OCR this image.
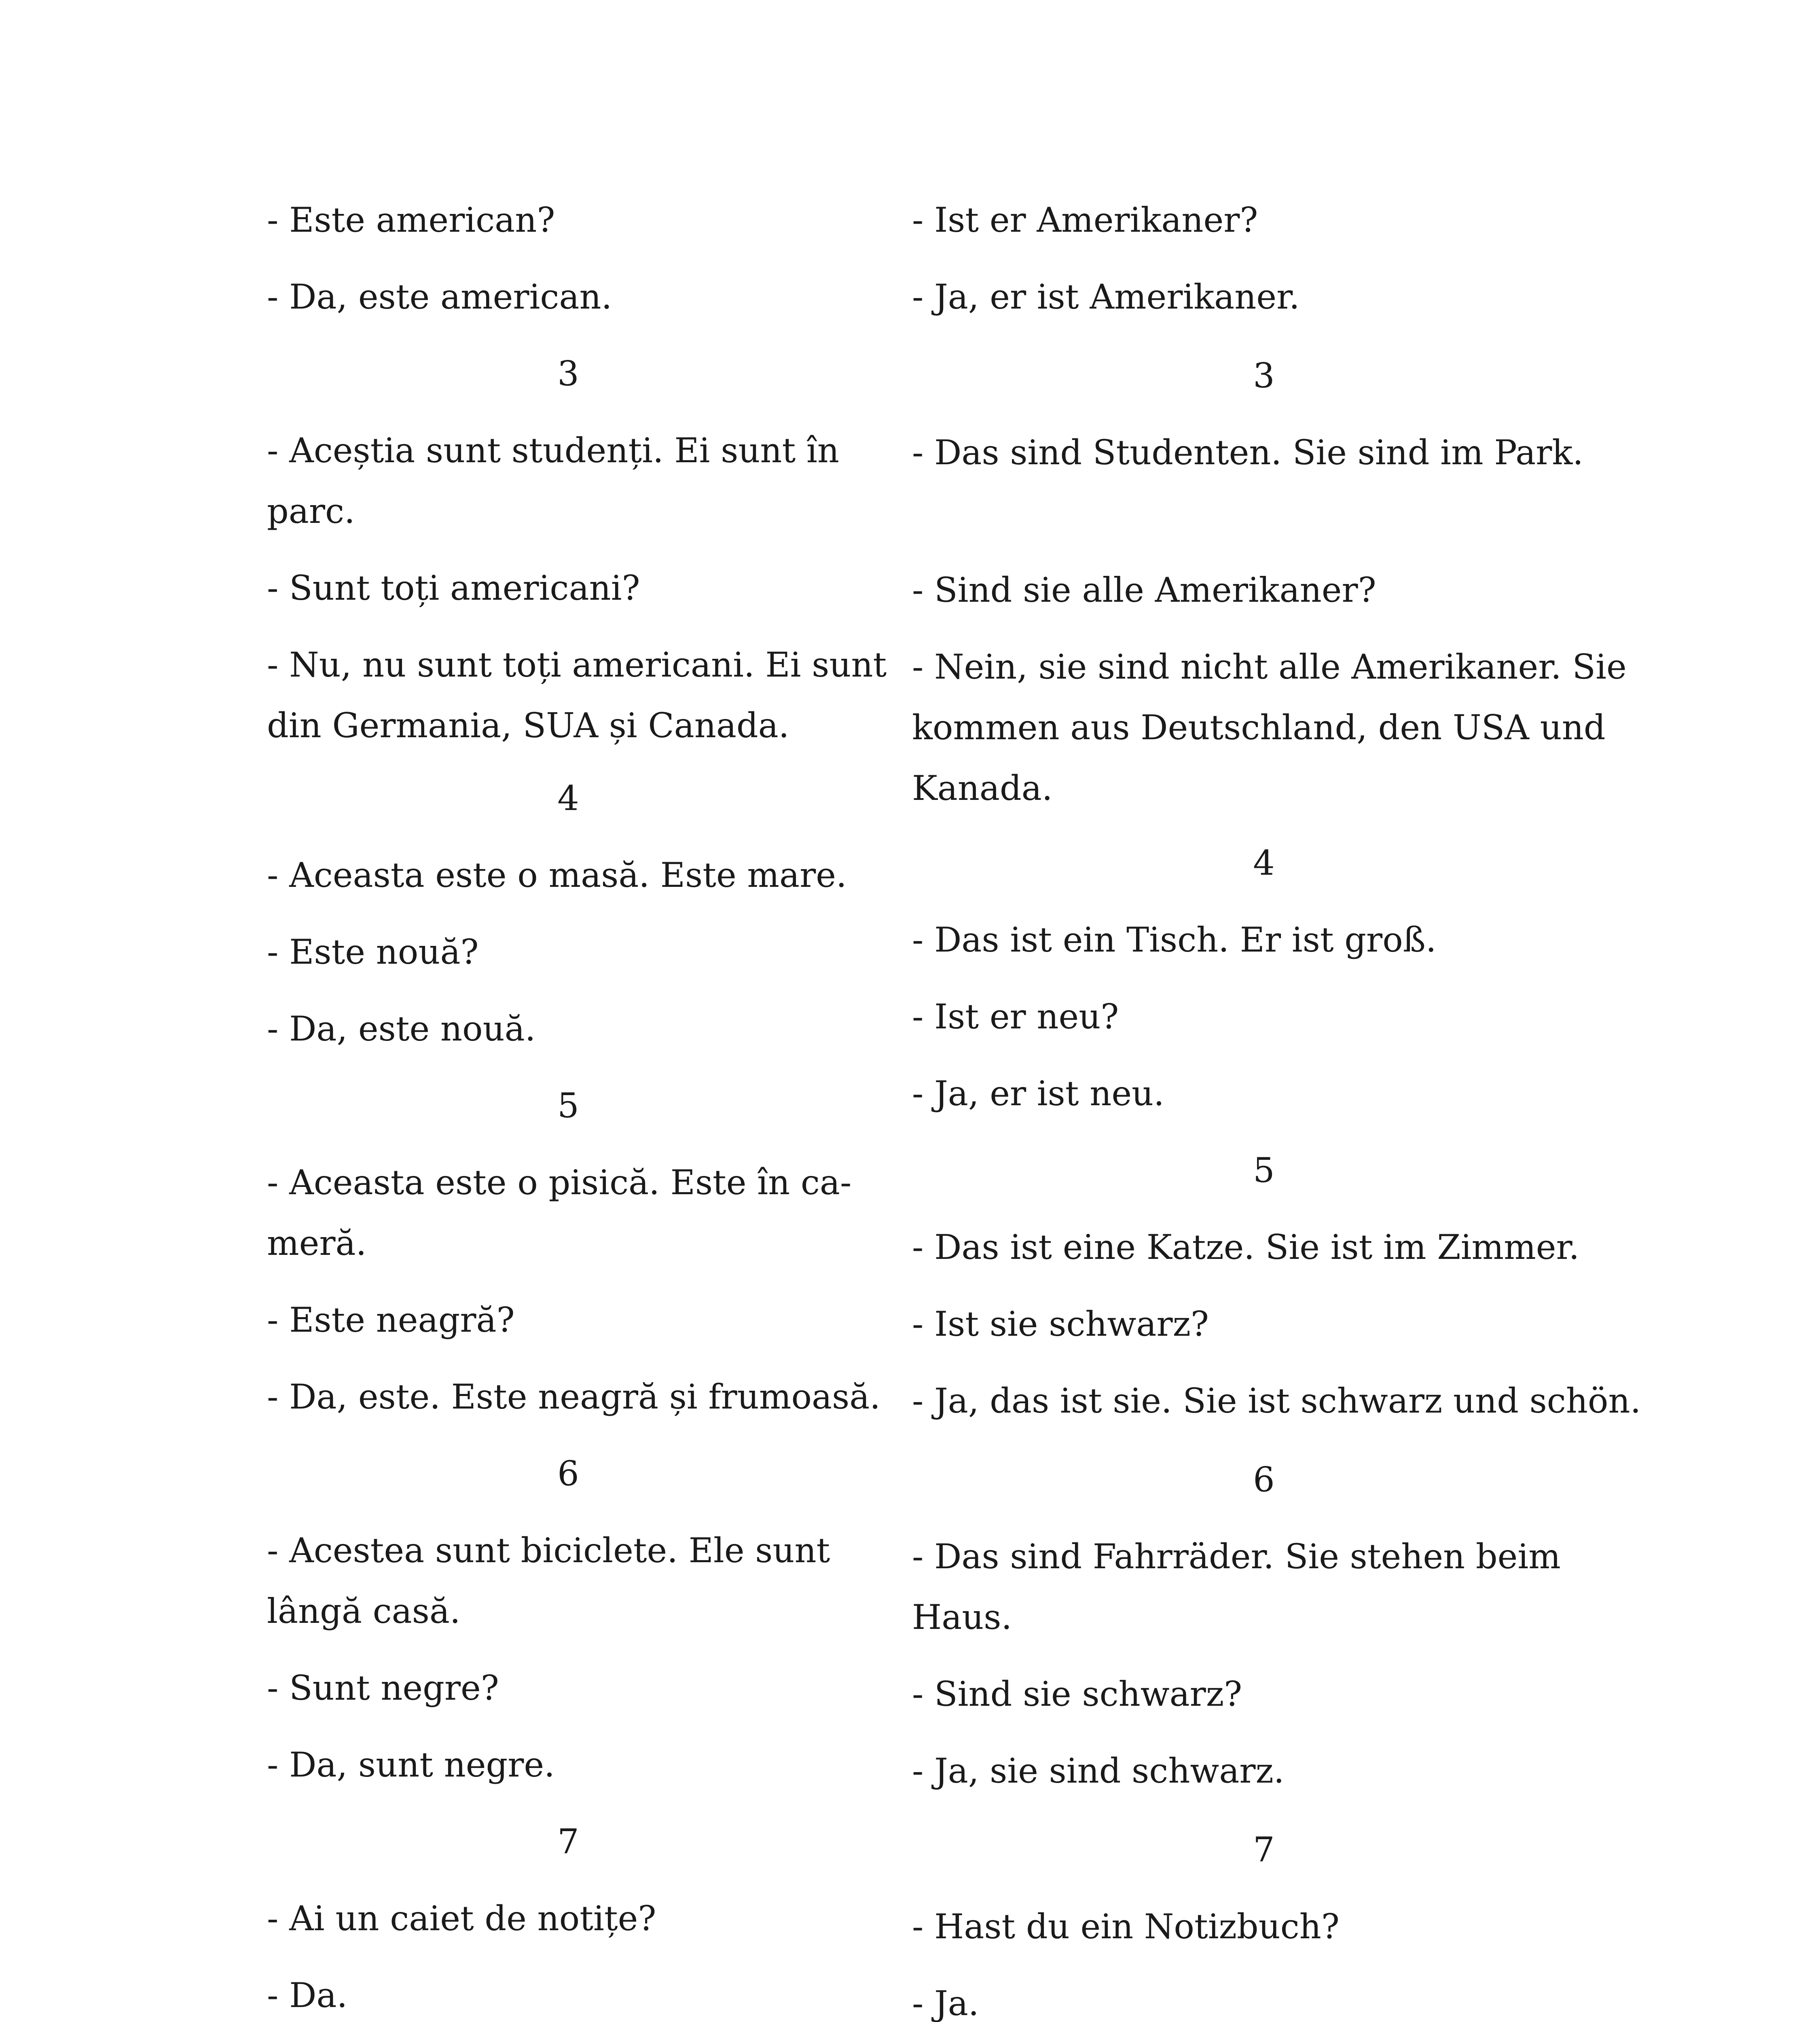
- Este american?
- Da, este american.
3
- Aceștia sunt studenți. Ei sunt în
parc.
- Sunt toți americani?
- Nu, nu sunt toți americani. Ei sunt
din Germania, SUA și Canada.
4
- Aceasta este o masă. Este mare.
- Este nouă?
- Da, este nouă.
5
- Aceasta este o pisică. Este în ca-
meră.
- Este neagră?
- Da, este. Este neagră și frumoasă.
6
- Acestea sunt biciclete. Ele sunt
lângă casă.
- Sunt negre?
- Da, sunt negre.
7
- Ai un caiet de notițe?
- Da.
- Ist er Amerikaner?
- Ja, er ist Amerikaner.
3
- Das sind Studenten. Sie sind im Park.
- Sind sie alle Amerikaner?
- Nein, sie sind nicht alle Amerikaner. Sie
kommen aus Deutschland, den USA und
Kanada.
4
- Das ist ein Tisch. Er ist groß.
- Ist er neu?
- Ja, er ist neu.
5
- Das ist eine Katze. Sie ist im Zimmer.
- Ist sie schwarz?
- Ja, das ist sie. Sie ist schwarz und schön.
6
- Das sind Fahrräder. Sie stehen beim
Haus.
- Sind sie schwarz?
- Ja, sie sind schwarz.
7
- Hast du ein Notizbuch?
- Ja.
